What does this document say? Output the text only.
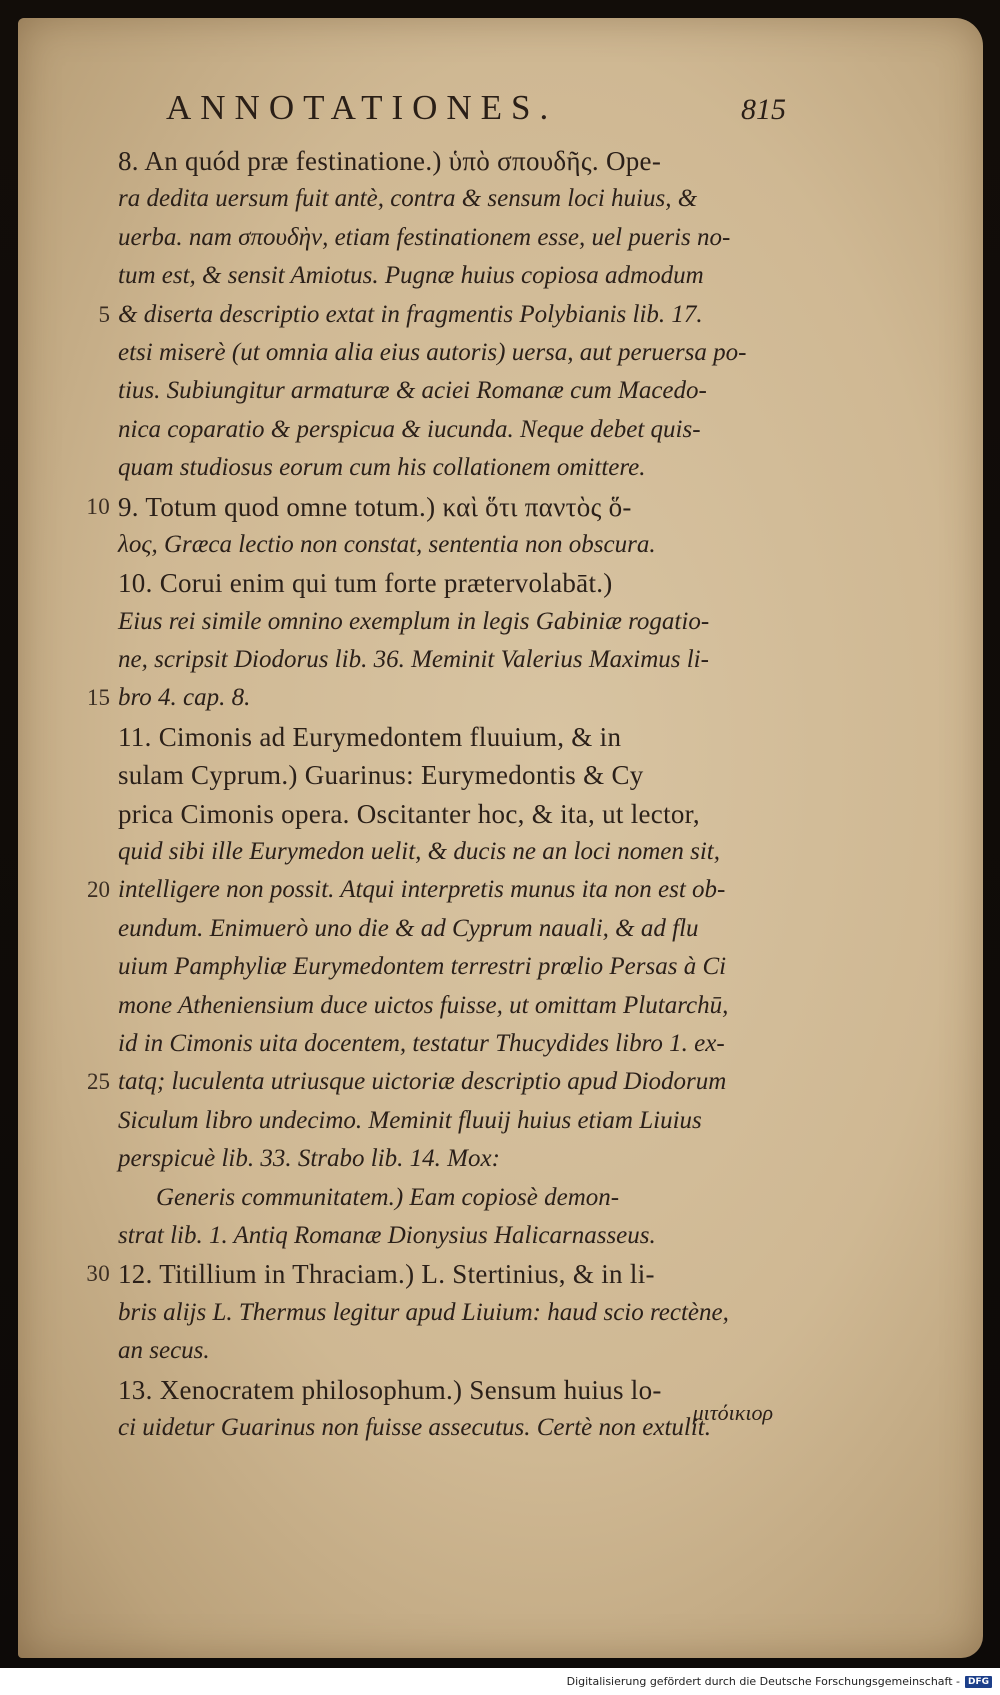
ANNOTATIONES.	815
8. An quód præ festinatione.) ὑπὸ σπουδῆς. Ope-
ra dedita uersum fuit antè, contra & sensum loci huius, &
uerba. nam σπουδὴν, etiam festinationem esse, uel pueris no-
tum est, & sensit Amiotus. Pugnæ huius copiosa admodum
5 & diserta descriptio extat in fragmentis Polybianis lib. 17.
etsi miserè (ut omnia alia eius autoris) uersa, aut peruersa po-
tius. Subiungitur armaturæ & aciei Romanæ cum Macedo-
nica coparatio & perspicua & iucunda. Neque debet quis-
quam studiosus eorum cum his collationem omittere.
10 9. Totum quod omne totum.) καὶ ὅτι παντὸς ὅ-
λος, Græca lectio non constat, sententia non obscura.
10. Corui enim qui tum forte prætervolabāt.)
Eius rei simile omnino exemplum in legis Gabiniæ rogatio-
ne, scripsit Diodorus lib. 36. Meminit Valerius Maximus li-
15 bro 4. cap. 8.
11. Cimonis ad Eurymedontem fluuium, & in
sulam Cyprum.) Guarinus: Eurymedontis & Cy
prica Cimonis opera. Oscitanter hoc, & ita, ut lector,
quid sibi ille Eurymedon uelit, & ducis ne an loci nomen sit,
20 intelligere non possit. Atqui interpretis munus ita non est ob-
eundum. Enimuerò uno die & ad Cyprum nauali, & ad flu
uium Pamphyliæ Eurymedontem terrestri prœlio Persas à Ci
mone Atheniensium duce uictos fuisse, ut omittam Plutarchū,
id in Cimonis uita docentem, testatur Thucydides libro 1. ex-
25 tatq; luculenta utriusque uictoriæ descriptio apud Diodorum
Siculum libro undecimo. Meminit fluuij huius etiam Liuius
perspicuè lib. 33. Strabo lib. 14. Mox:
Generis communitatem.) Eam copiosè demon-
strat lib. 1. Antiq Romanæ Dionysius Halicarnasseus.
30 12. Titillium in Thraciam.) L. Stertinius, & in li-
bris alijs L. Thermus legitur apud Liuium: haud scio rectène,
an secus.
13. Xenocratem philosophum.) Sensum huius lo-
ci uidetur Guarinus non fuisse assecutus. Certè non extulit.
μιτόικιορ
Digitalisierung gefördert durch die Deutsche Forschungsgemeinschaft - DFG
